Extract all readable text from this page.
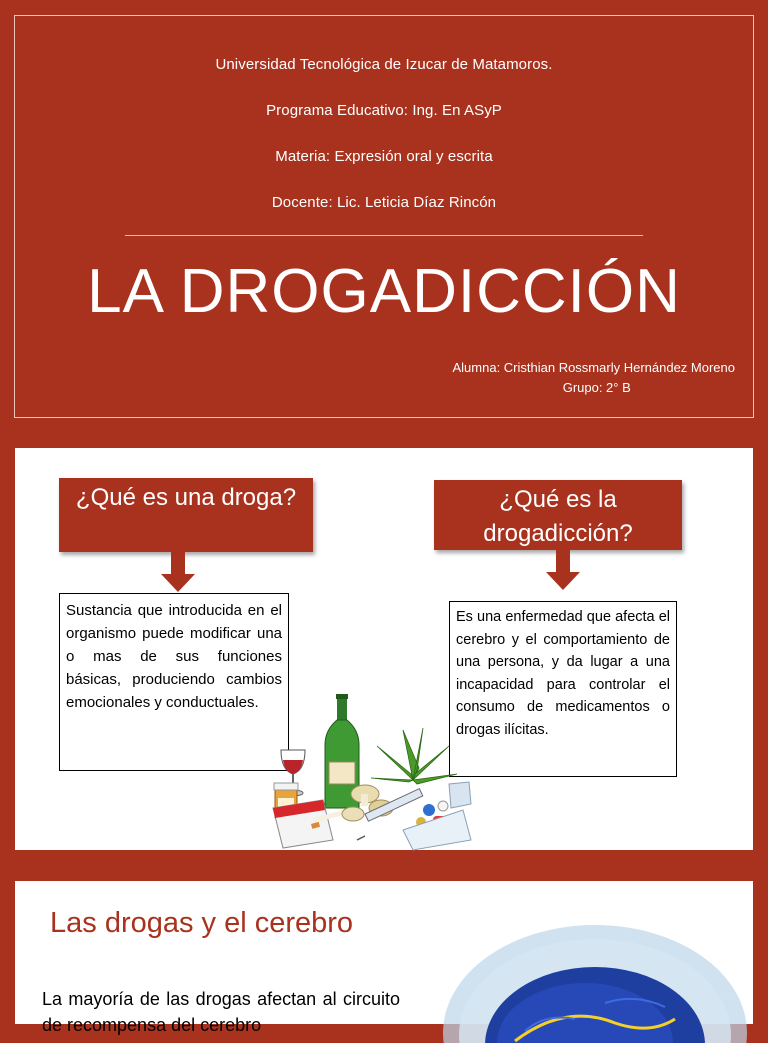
Universidad Tecnológica de Izucar de Matamoros.
Programa Educativo: Ing. En ASyP
Materia: Expresión oral y escrita
Docente: Lic. Leticia Díaz Rincón
LA DROGADICCIÓN
Alumna: Cristhian Rossmarly Hernández Moreno
Grupo: 2° B
¿Qué es una droga?	¿Qué es la drogadicción?
Sustancia que introducida en el organismo puede modificar una o mas de sus funciones básicas, produciendo cambios emocionales y conductuales.
Es una enfermedad que afecta el cerebro y el comportamiento de una persona, y da lugar a una incapacidad para controlar el consumo de medicamentos o drogas ilícitas.
Las drogas y el cerebro
La mayoría de las drogas afectan al circuito de recompensa del cerebro
